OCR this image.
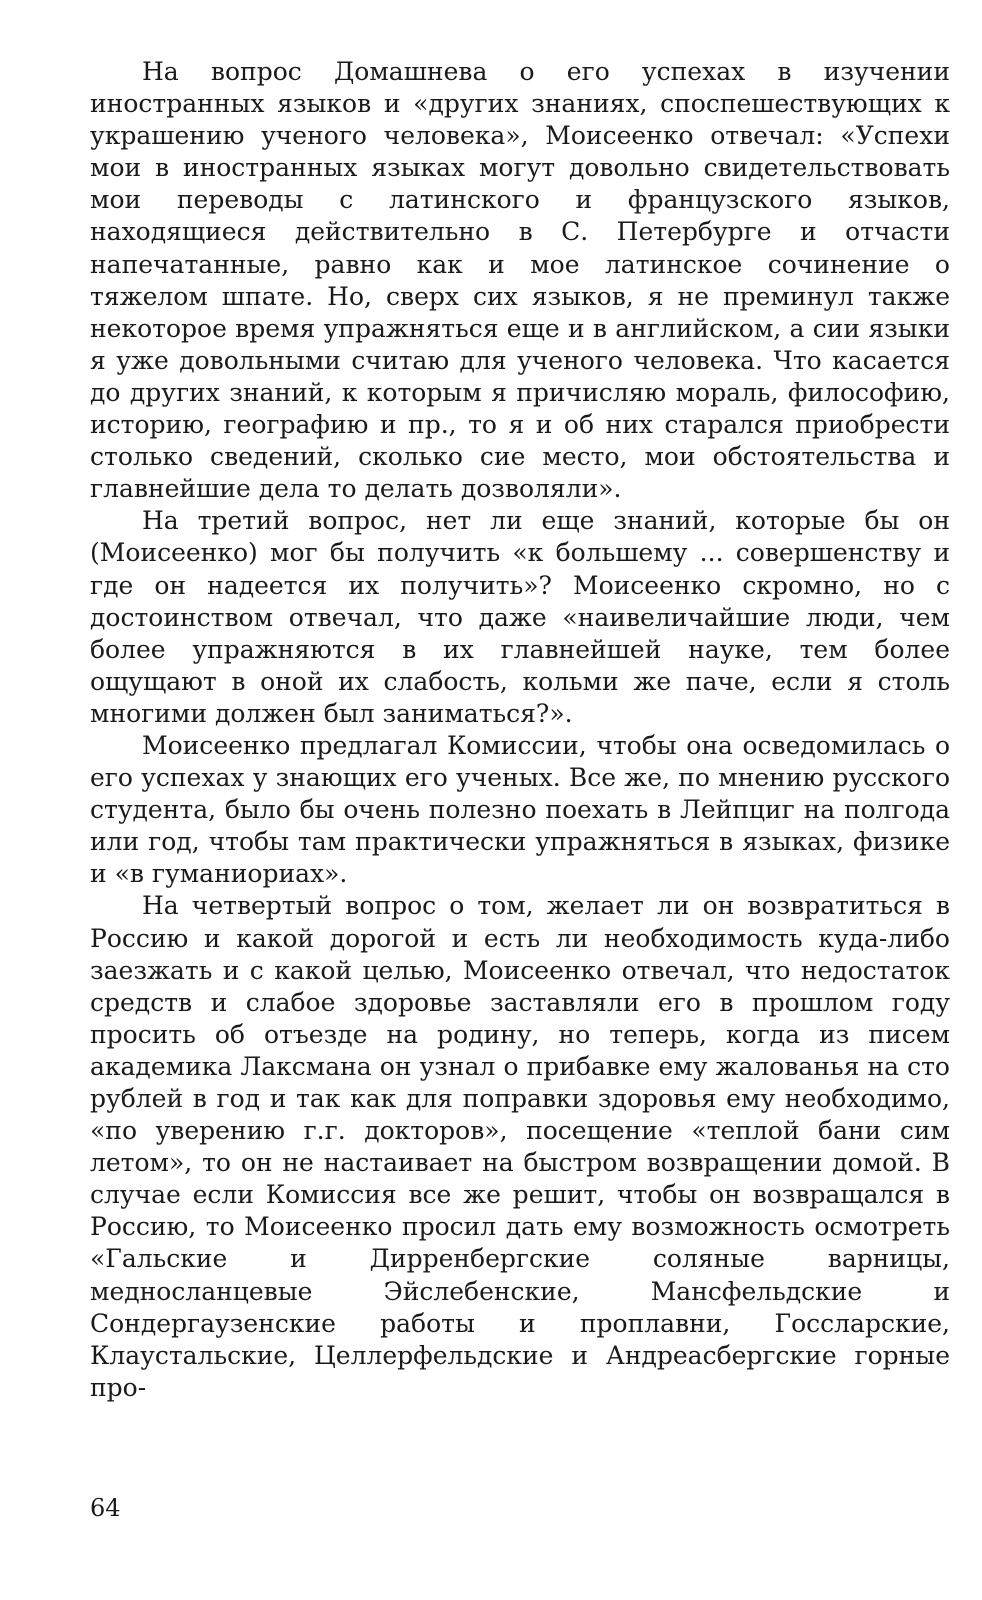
На вопрос Домашнева о его успехах в изучении иностранных языков и «других знаниях, споспешествующих к украшению ученого человека», Моисеенко отвечал: «Успехи мои в иностранных языках могут довольно свидетельствовать мои переводы с латинского и французского языков, находящиеся действительно в С. Петербурге и отчасти напечатанные, равно как и мое латинское сочинение о тяжелом шпате. Но, сверх сих языков, я не преминул также некоторое время упражняться еще и в английском, а сии языки я уже довольными считаю для ученого человека. Что касается до других знаний, к которым я причисляю мораль, философию, историю, географию и пр., то я и об них старался приобрести столько сведений, сколько сие место, мои обстоятельства и главнейшие дела то делать дозволяли».

На третий вопрос, нет ли еще знаний, которые бы он (Моисеенко) мог бы получить «к большему ... совершенству и где он надеется их получить»? Моисеенко скромно, но с достоинством отвечал, что даже «наивеличайшие люди, чем более упражняются в их главнейшей науке, тем более ощущают в оной их слабость, кольми же паче, если я столь многими должен был заниматься?».

Моисеенко предлагал Комиссии, чтобы она осведомилась о его успехах у знающих его ученых. Все же, по мнению русского студента, было бы очень полезно поехать в Лейпциг на полгода или год, чтобы там практически упражняться в языках, физике и «в гуманиориах».

На четвертый вопрос о том, желает ли он возвратиться в Россию и какой дорогой и есть ли необходимость куда-либо заезжать и с какой целью, Моисеенко отвечал, что недостаток средств и слабое здоровье заставляли его в прошлом году просить об отъезде на родину, но теперь, когда из писем академика Лаксмана он узнал о прибавке ему жалованья на сто рублей в год и так как для поправки здоровья ему необходимо, «по уверению г.г. докторов», посещение «теплой бани сим летом», то он не настаивает на быстром возвращении домой. В случае если Комиссия все же решит, чтобы он возвращался в Россию, то Моисеенко просил дать ему возможность осмотреть «Гальские и Дирренбергские соляные варницы, медносланцевые Эйслебенские, Мансфельдские и Сондергаузенские работы и проплавни, Госсларские, Клаустальские, Целлерфельдские и Андреасбергские горные про-

64
